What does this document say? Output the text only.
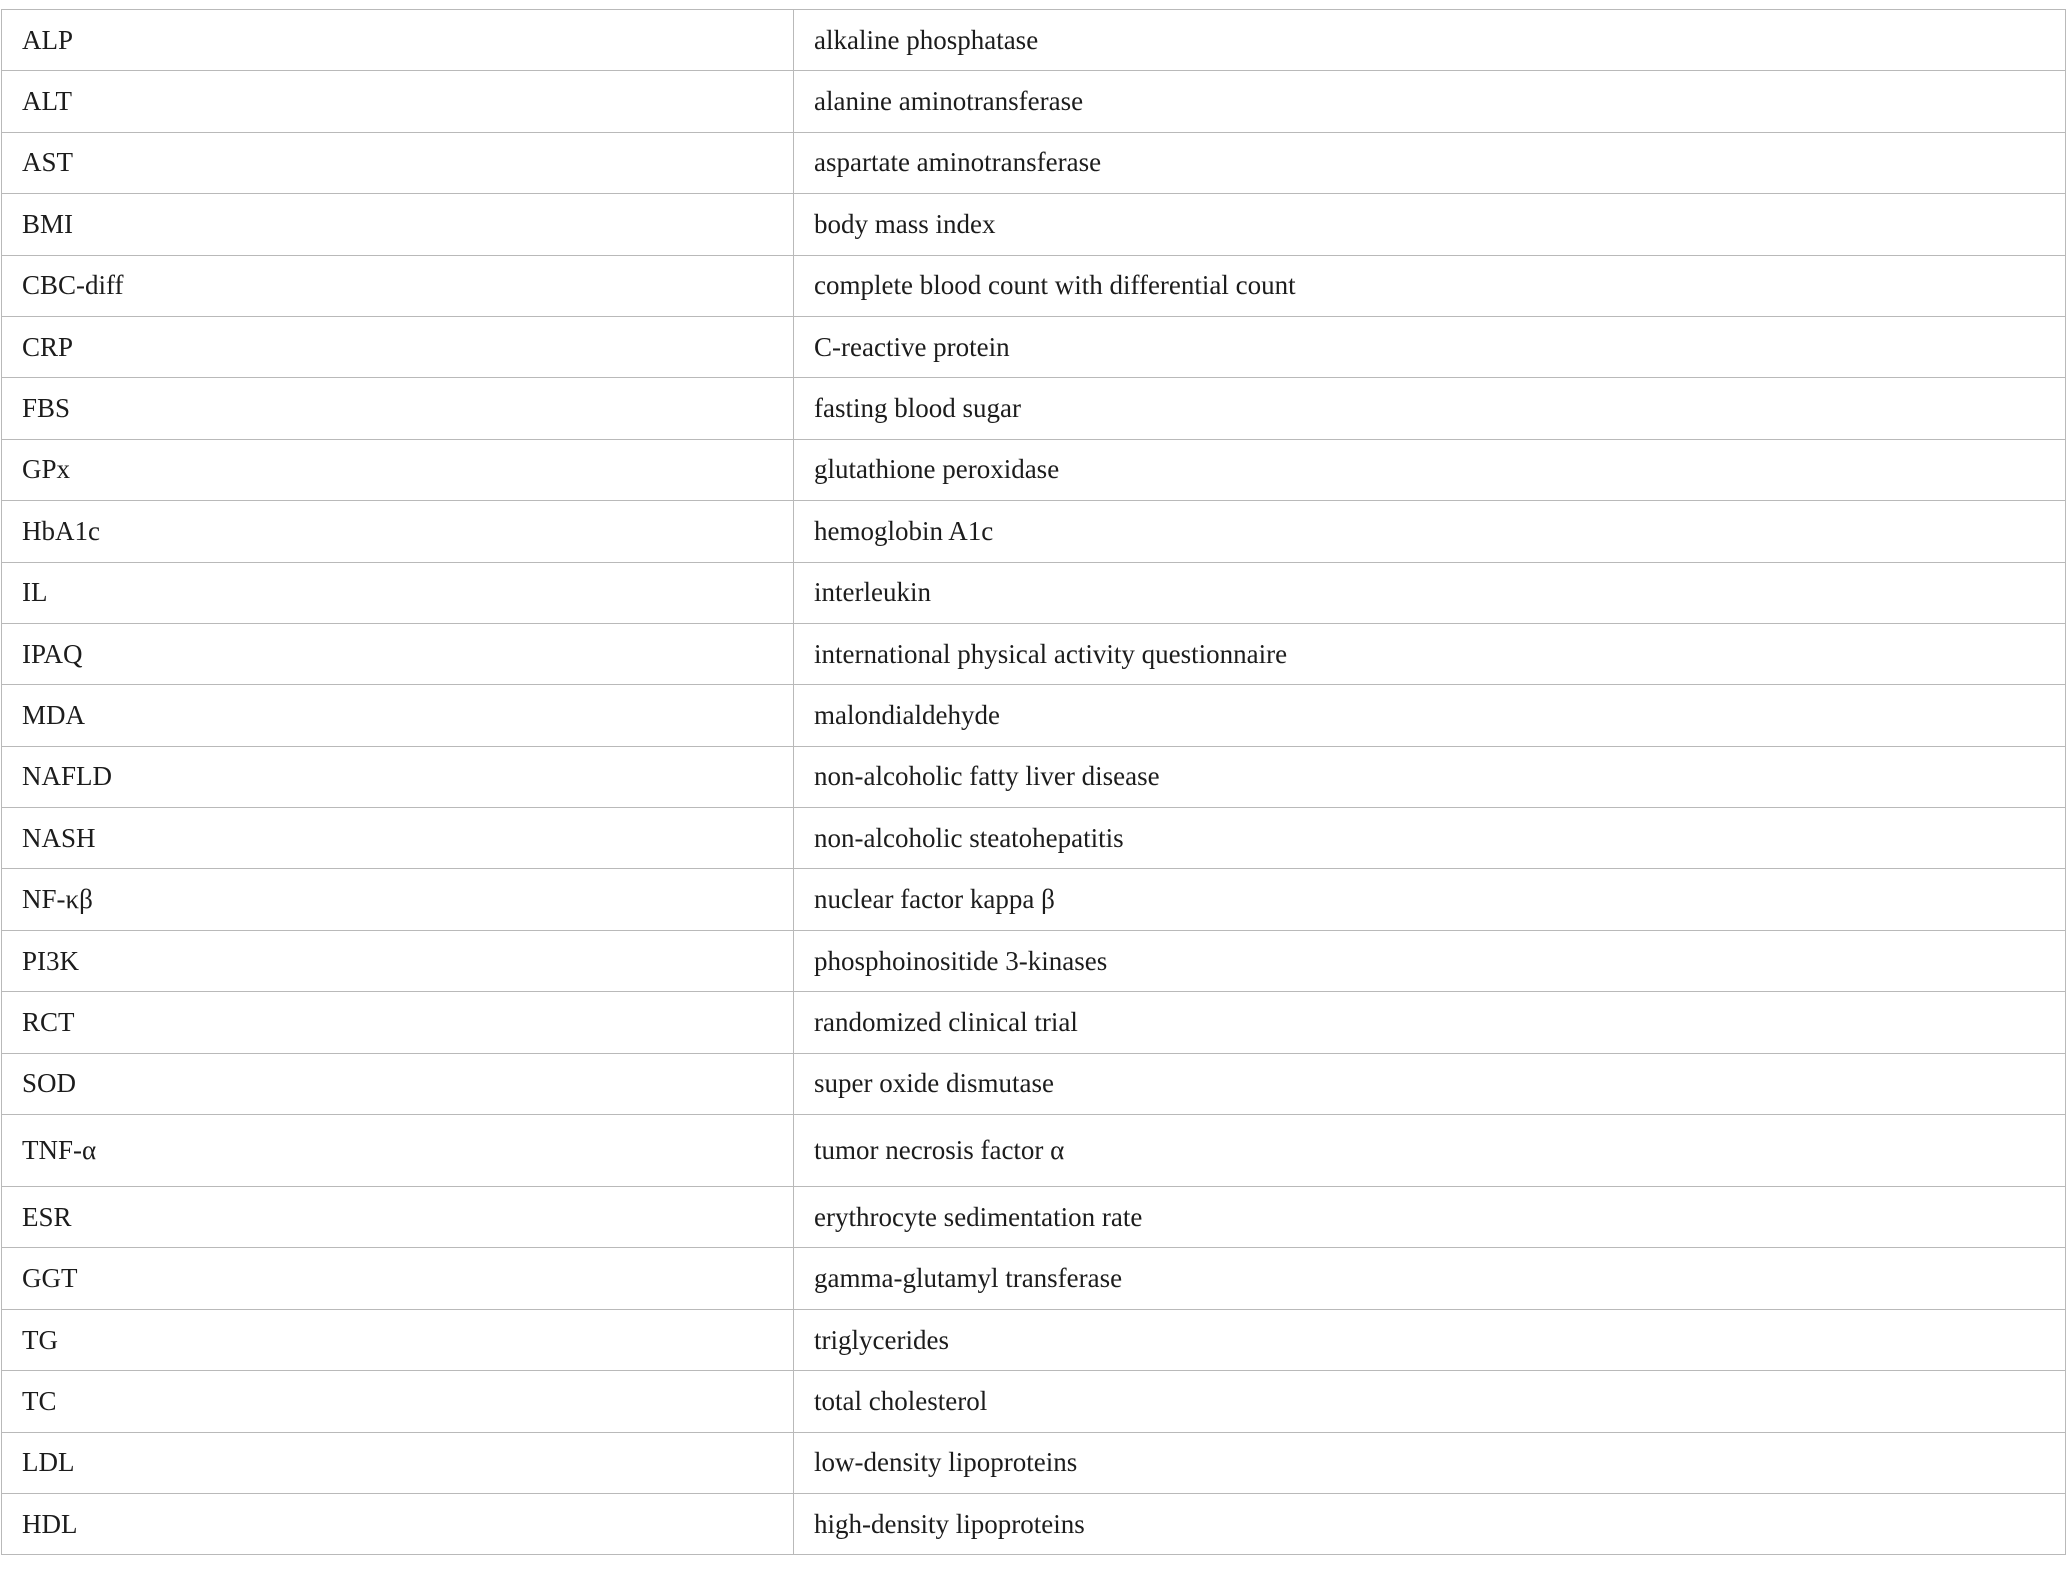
ALP	alkaline phosphatase
ALT	alanine aminotransferase
AST	aspartate aminotransferase
BMI	body mass index
CBC-diff	complete blood count with differential count
CRP	C-reactive protein
FBS	fasting blood sugar
GPx	glutathione peroxidase
HbA1c	hemoglobin A1c
IL	interleukin
IPAQ	international physical activity questionnaire
MDA	malondialdehyde
NAFLD	non-alcoholic fatty liver disease
NASH	non-alcoholic steatohepatitis
NF-κβ	nuclear factor kappa β
PI3K	phosphoinositide 3-kinases
RCT	randomized clinical trial
SOD	super oxide dismutase
TNF-α	tumor necrosis factor α
ESR	erythrocyte sedimentation rate
GGT	gamma-glutamyl transferase
TG	triglycerides
TC	total cholesterol
LDL	low-density lipoproteins
HDL	high-density lipoproteins
